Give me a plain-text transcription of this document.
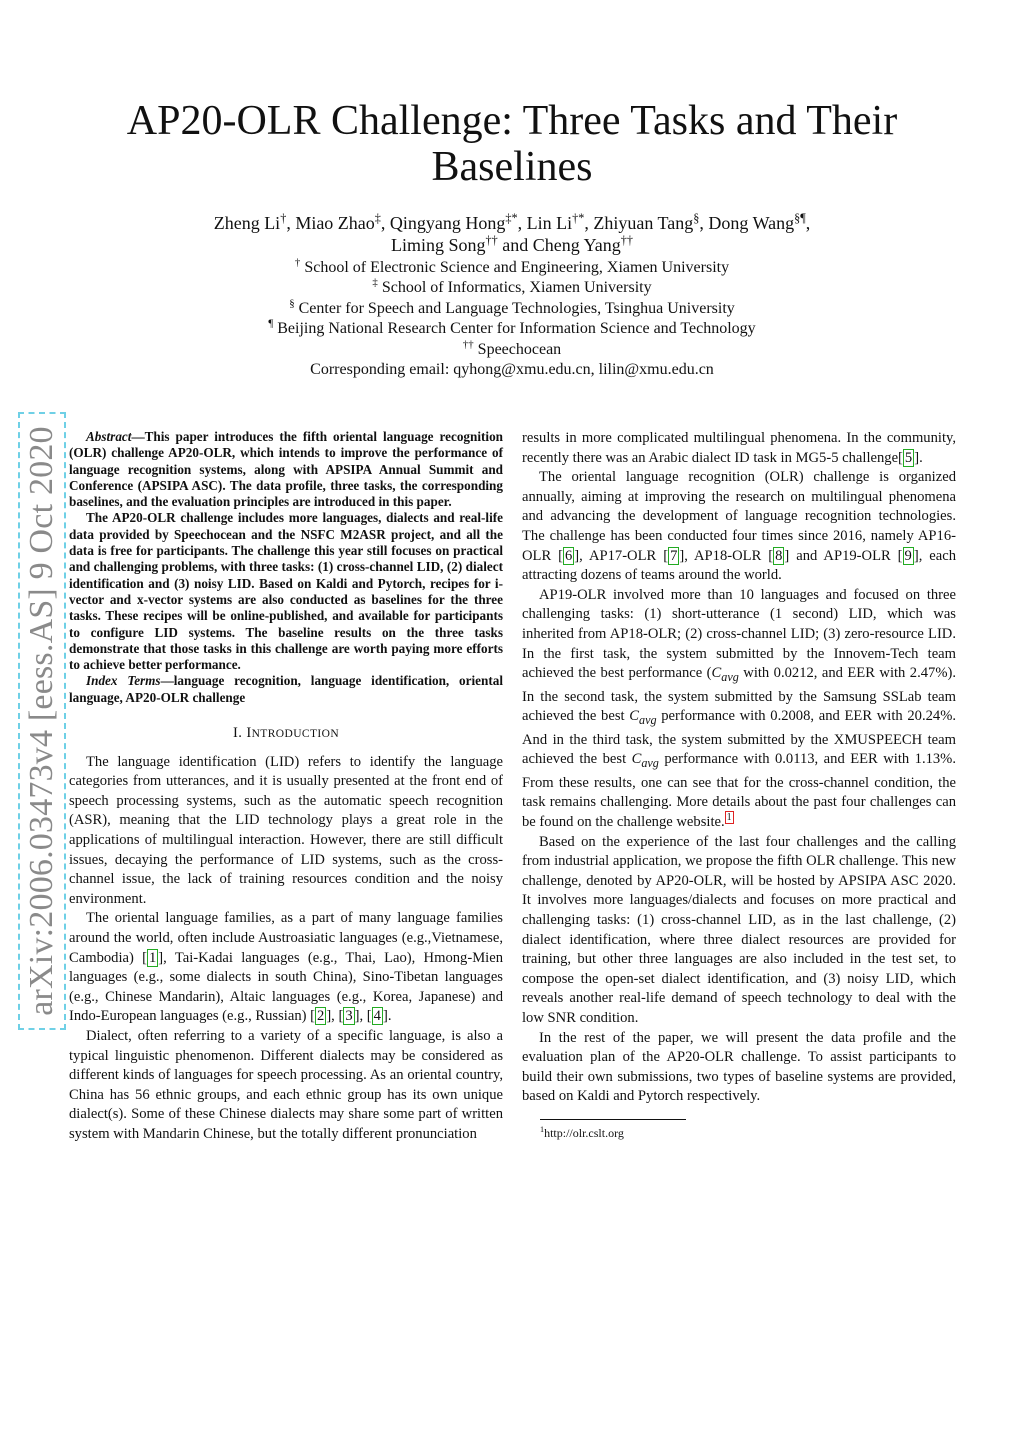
AP20-OLR Challenge: Three Tasks and Their Baselines
Zheng Li†, Miao Zhao‡, Qingyang Hong‡*, Lin Li†*, Zhiyuan Tang§, Dong Wang§¶,
Liming Song†† and Cheng Yang††
† School of Electronic Science and Engineering, Xiamen University
‡ School of Informatics, Xiamen University
§ Center for Speech and Language Technologies, Tsinghua University
¶ Beijing National Research Center for Information Science and Technology
†† Speechocean
Corresponding email: qyhong@xmu.edu.cn, lilin@xmu.edu.cn
arXiv:2006.03473v4 [eess.AS] 9 Oct 2020	Abstract—This paper introduces the fifth oriental language recognition (OLR) challenge AP20-OLR, which intends to improve the performance of language recognition systems, along with APSIPA Annual Summit and Conference (APSIPA ASC). The data profile, three tasks, the corresponding baselines, and the evaluation principles are introduced in this paper.

The AP20-OLR challenge includes more languages, dialects and real-life data provided by Speechocean and the NSFC M2ASR project, and all the data is free for participants. The challenge this year still focuses on practical and challenging problems, with three tasks: (1) cross-channel LID, (2) dialect identification and (3) noisy LID. Based on Kaldi and Pytorch, recipes for i-vector and x-vector systems are also conducted as baselines for the three tasks. These recipes will be online-published, and available for participants to configure LID systems. The baseline results on the three tasks demonstrate that those tasks in this challenge are worth paying more efforts to achieve better performance.

Index Terms—language recognition, language identification, oriental language, AP20-OLR challenge

I. INTRODUCTION

The language identification (LID) refers to identify the language categories from utterances, and it is usually presented at the front end of speech processing systems, such as the automatic speech recognition (ASR), meaning that the LID technology plays a great role in the applications of multilingual interaction. However, there are still difficult issues, decaying the performance of LID systems, such as the cross-channel issue, the lack of training resources condition and the noisy environment.

The oriental language families, as a part of many language families around the world, often include Austroasiatic languages (e.g.,Vietnamese, Cambodia) [ 1 ], Tai-Kadai languages (e.g., Thai, Lao), Hmong-Mien languages (e.g., some dialects in south China), Sino-Tibetan languages (e.g., Chinese Mandarin), Altaic languages (e.g., Korea, Japanese) and Indo-European languages (e.g., Russian) [ 2 ], [ 3 ], [ 4 ].

Dialect, often referring to a variety of a specific language, is also a typical linguistic phenomenon. Different dialects may be considered as different kinds of languages for speech processing. As an oriental country, China has 56 ethnic groups, and each ethnic group has its own unique dialect(s). Some of these Chinese dialects may share some part of written system with Mandarin Chinese, but the totally different pronunciation

results in more complicated multilingual phenomena. In the community, recently there was an Arabic dialect ID task in MG5-5 challenge[ 5 ].

The oriental language recognition (OLR) challenge is organized annually, aiming at improving the research on multilingual phenomena and advancing the development of language recognition technologies. The challenge has been conducted four times since 2016, namely AP16-OLR [ 6 ], AP17-OLR [ 7 ], AP18-OLR [ 8 ] and AP19-OLR [ 9 ], each attracting dozens of teams around the world.

AP19-OLR involved more than 10 languages and focused on three challenging tasks: (1) short-utterance (1 second) LID, which was inherited from AP18-OLR; (2) cross-channel LID; (3) zero-resource LID. In the first task, the system submitted by the Innovem-Tech team achieved the best performance ($C_{avg}$ with 0.0212, and EER with 2.47%). In the second task, the system submitted by the Samsung SSLab team achieved the best $C_{avg}$ performance with 0.2008, and EER with 20.24%. And in the third task, the system submitted by the XMUSPEECH team achieved the best $C_{avg}$ performance with 0.0113, and EER with 1.13%. From these results, one can see that for the cross-channel condition, the task remains challenging. More details about the past four challenges can be found on the challenge website. $^1$

Based on the experience of the last four challenges and the calling from industrial application, we propose the fifth OLR challenge. This new challenge, denoted by AP20-OLR, will be hosted by APSIPA ASC 2020. It involves more languages/dialects and focuses on more practical and challenging tasks: (1) cross-channel LID, as in the last challenge, (2) dialect identification, where three dialect resources are provided for training, but other three languages are also included in the test set, to compose the open-set dialect identification, and (3) noisy LID, which reveals another real-life demand of speech technology to deal with the low SNR condition.

In the rest of the paper, we will present the data profile and the evaluation plan of the AP20-OLR challenge. To assist participants to build their own submissions, two types of baseline systems are provided, based on Kaldi and Pytorch respectively.

$^1$http://olr.cslt.org
